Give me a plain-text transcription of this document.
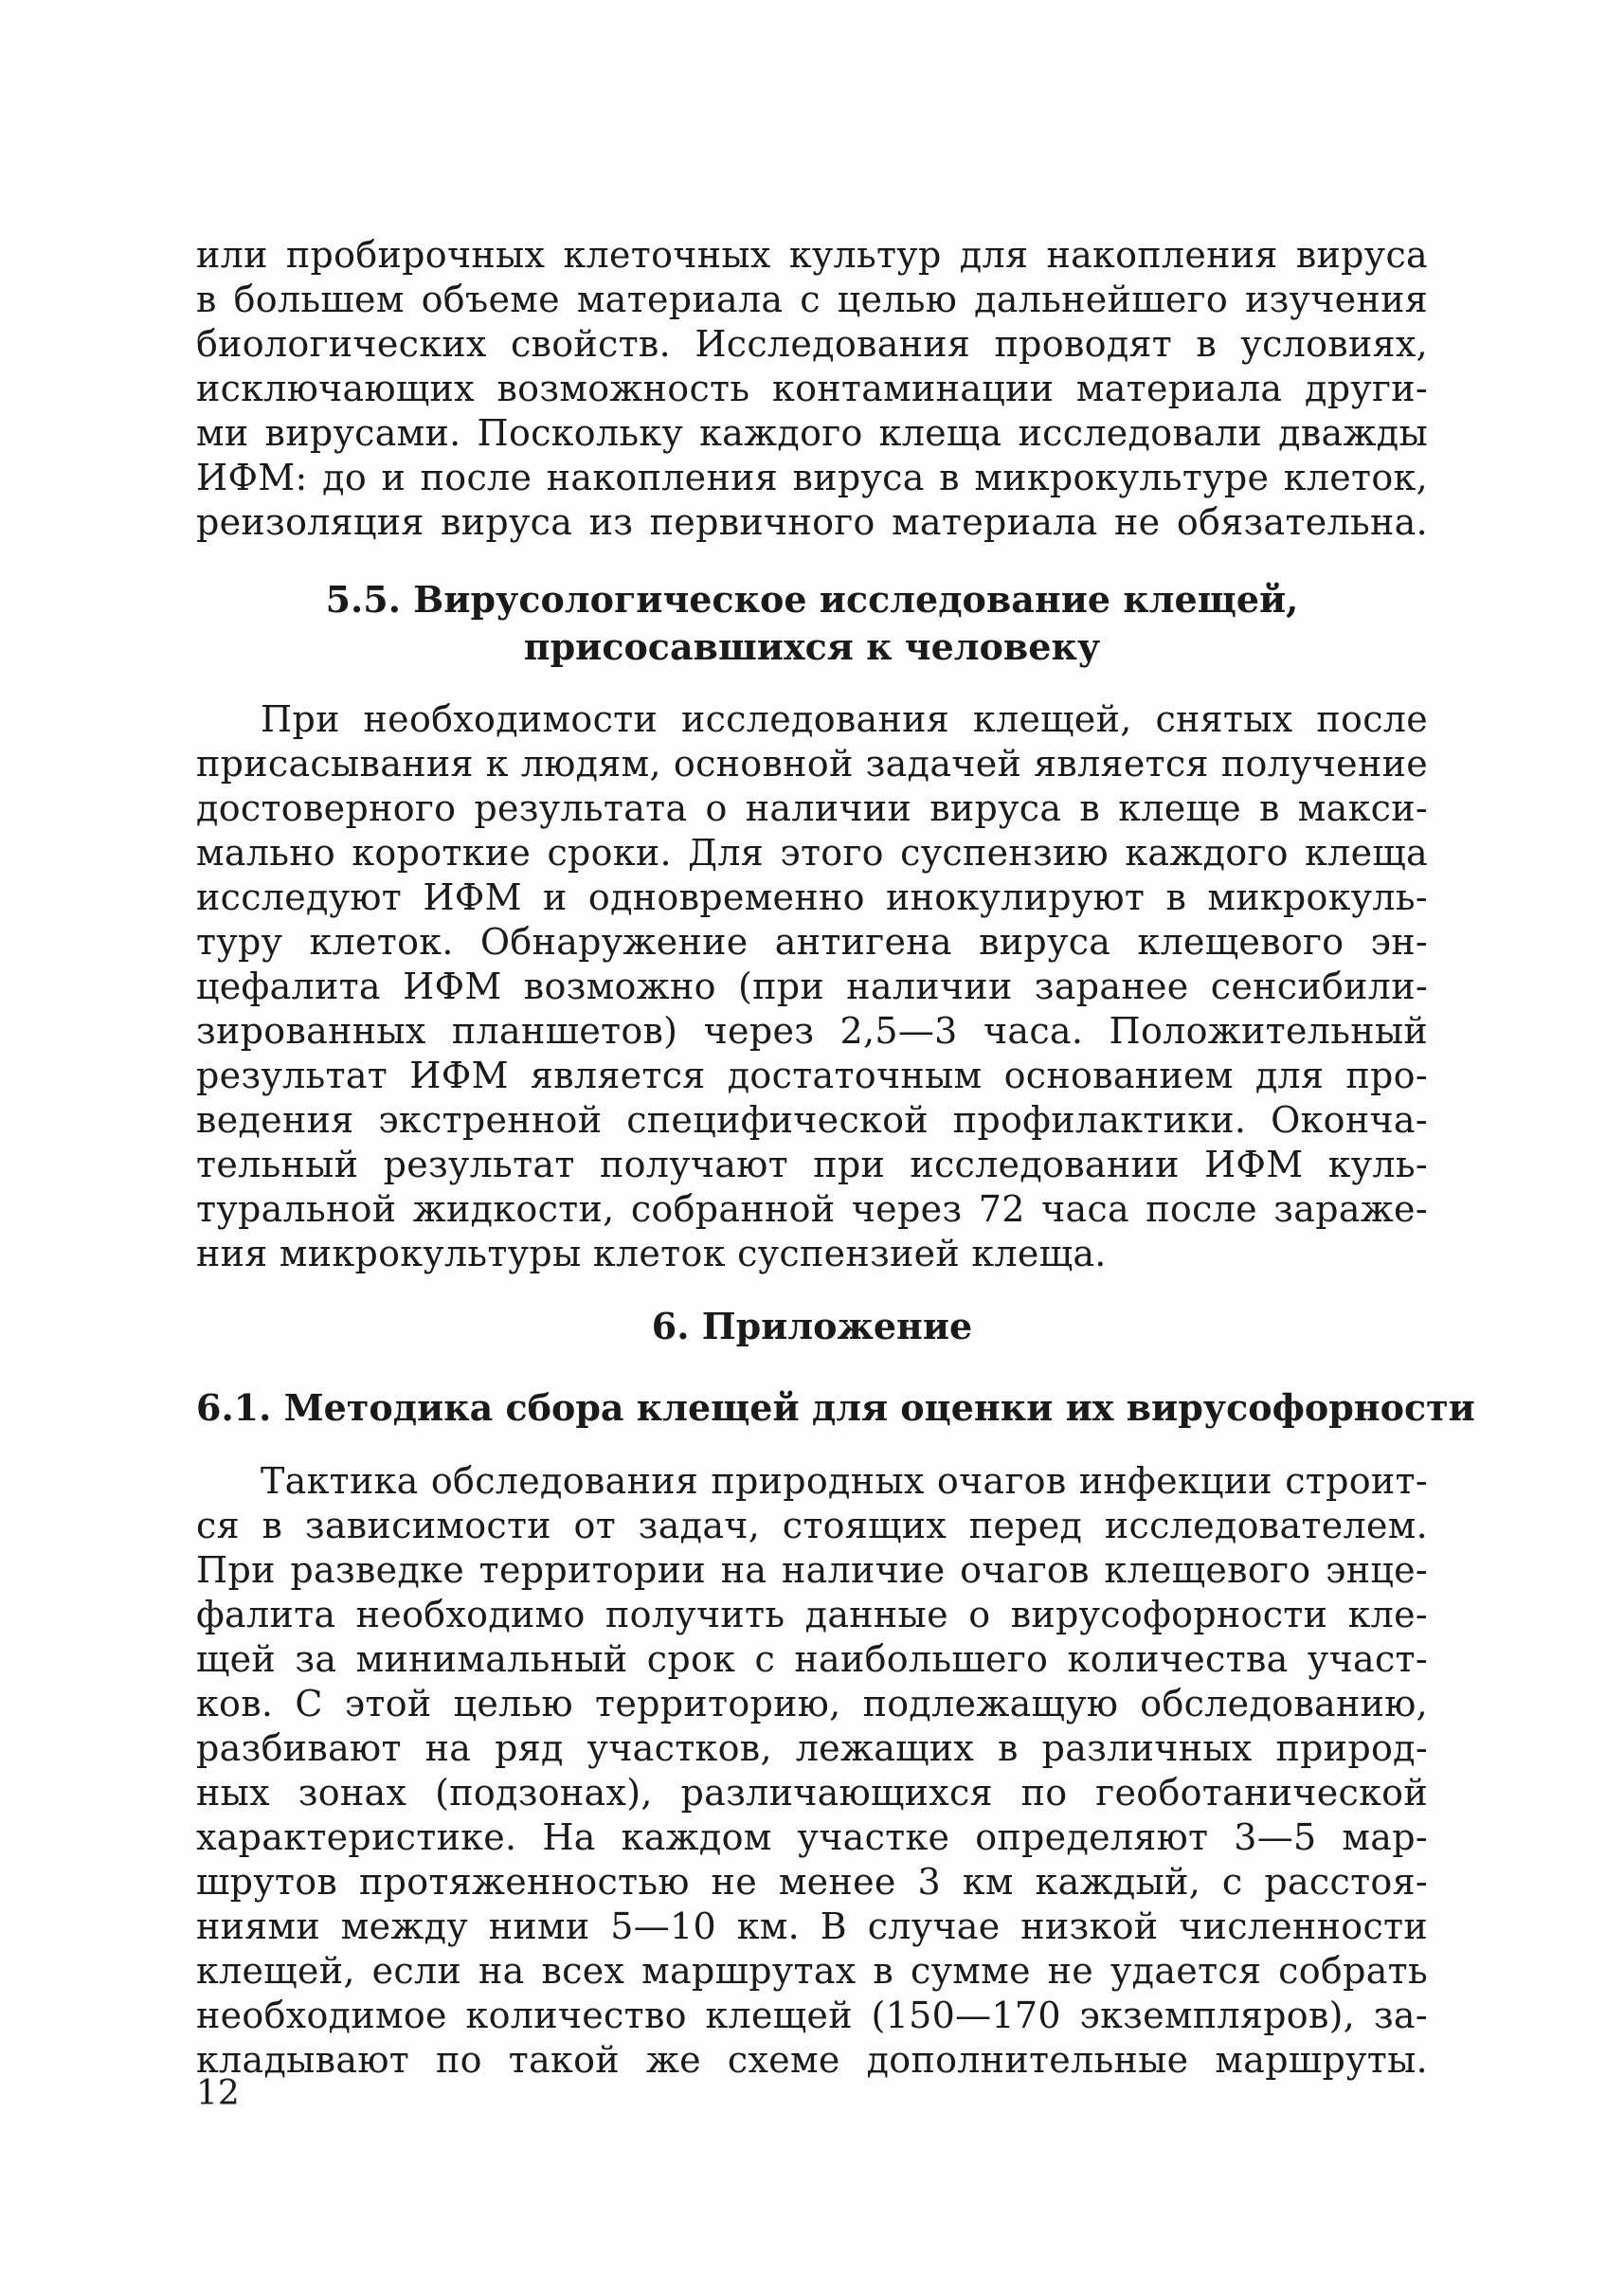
или пробирочных клеточных культур для накопления вируса
в большем объеме материала с целью дальнейшего изучения
биологических свойств. Исследования проводят в условиях,
исключающих возможность контаминации материала други-
ми вирусами. Поскольку каждого клеща исследовали дважды
ИФМ: до и после накопления вируса в микрокультуре клеток,
реизоляция вируса из первичного материала не обязательна.
5.5. Вирусологическое исследование клещей,
присосавшихся к человеку
При необходимости исследования клещей, снятых после
присасывания к людям, основной задачей является получение
достоверного результата о наличии вируса в клеще в макси-
мально короткие сроки. Для этого суспензию каждого клеща
исследуют ИФМ и одновременно инокулируют в микрокуль-
туру клеток. Обнаружение антигена вируса клещевого эн-
цефалита ИФМ возможно (при наличии заранее сенсибили-
зированных планшетов) через 2,5—3 часа. Положительный
результат ИФМ является достаточным основанием для про-
ведения экстренной специфической профилактики. Оконча-
тельный результат получают при исследовании ИФМ куль-
туральной жидкости, собранной через 72 часа после зараже-
ния микрокультуры клеток суспензией клеща.
6. Приложение
6.1. Методика сбора клещей для оценки их вирусофорности
Тактика обследования природных очагов инфекции строит-
ся в зависимости от задач, стоящих перед исследователем.
При разведке территории на наличие очагов клещевого энце-
фалита необходимо получить данные о вирусофорности кле-
щей за минимальный срок с наибольшего количества участ-
ков. С этой целью территорию, подлежащую обследованию,
разбивают на ряд участков, лежащих в различных природ-
ных зонах (подзонах), различающихся по геоботанической
характеристике. На каждом участке определяют 3—5 мар-
шрутов протяженностью не менее 3 км каждый, с расстоя-
ниями между ними 5—10 км. В случае низкой численности
клещей, если на всех маршрутах в сумме не удается собрать
необходимое количество клещей (150—170 экземпляров), за-
кладывают по такой же схеме дополнительные маршруты.
12
